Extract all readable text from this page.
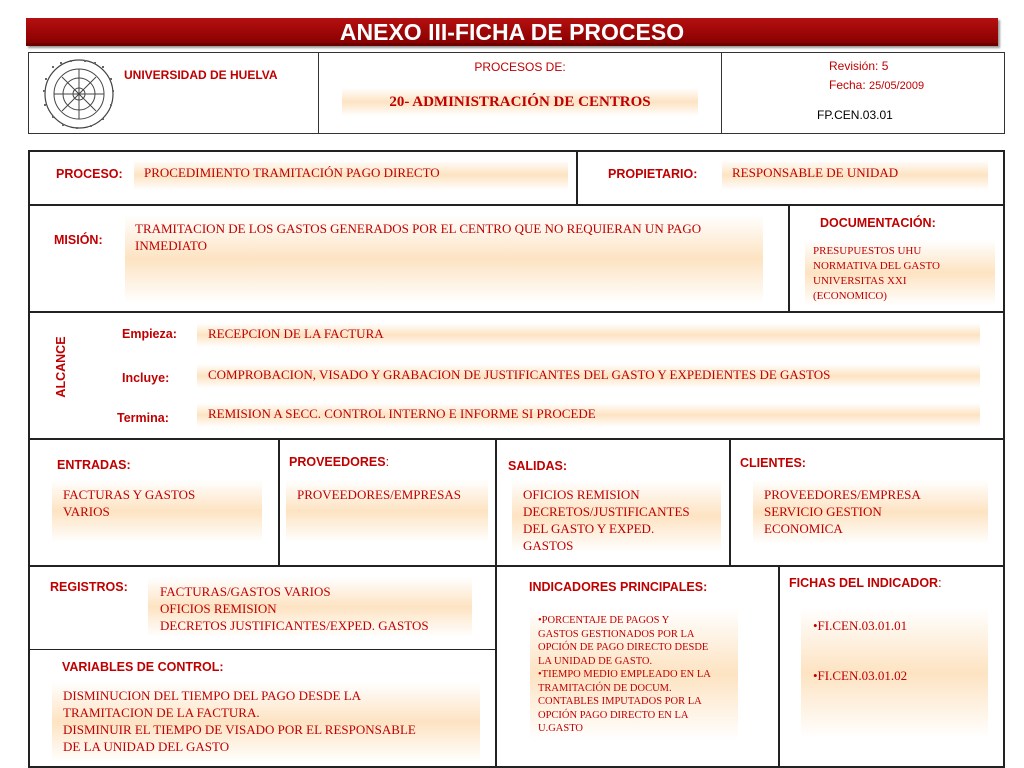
ANEXO III-FICHA DE PROCESO
UNIVERSIDAD DE HUELVA
PROCESOS DE:
20- ADMINISTRACIÓN DE CENTROS
Revisión: 5
Fecha: 25/05/2009
FP.CEN.03.01
PROCESO:	PROCEDIMIENTO TRAMITACIÓN PAGO DIRECTO	PROPIETARIO:	RESPONSABLE DE UNIDAD
MISIÓN:
TRAMITACION DE LOS GASTOS GENERADOS POR EL CENTRO QUE NO REQUIERAN UN PAGO INMEDIATO
DOCUMENTACIÓN:
PRESUPUESTOS UHU
NORMATIVA DEL GASTO
UNIVERSITAS XXI
(ECONOMICO)
ALCANCE
Empieza:	RECEPCION DE LA FACTURA
Incluye:	COMPROBACION, VISADO Y GRABACION DE JUSTIFICANTES DEL GASTO Y EXPEDIENTES DE GASTOS
Termina:	REMISION A SECC. CONTROL INTERNO E INFORME SI PROCEDE
ENTRADAS:
FACTURAS Y GASTOS
VARIOS
PROVEEDORES:
PROVEEDORES/EMPRESAS
SALIDAS:
OFICIOS REMISION
DECRETOS/JUSTIFICANTES
DEL GASTO Y EXPED.
GASTOS
CLIENTES:
PROVEEDORES/EMPRESA
SERVICIO GESTION
ECONOMICA
REGISTROS: FACTURAS/GASTOS VARIOS
OFICIOS REMISION
DECRETOS JUSTIFICANTES/EXPED. GASTOS
VARIABLES DE CONTROL:
DISMINUCION DEL TIEMPO DEL PAGO DESDE LA
TRAMITACION DE LA FACTURA.
DISMINUIR EL TIEMPO DE VISADO POR EL RESPONSABLE
DE LA UNIDAD DEL GASTO
INDICADORES PRINCIPALES:
•PORCENTAJE DE PAGOS Y
GASTOS GESTIONADOS POR LA
OPCIÓN DE PAGO DIRECTO DESDE
LA UNIDAD DE GASTO.
•TIEMPO MEDIO EMPLEADO EN LA
TRAMITACIÓN DE DOCUM.
CONTABLES IMPUTADOS POR LA
OPCIÓN PAGO DIRECTO EN LA
U.GASTO
FICHAS DEL INDICADOR:
•FI.CEN.03.01.01
•FI.CEN.03.01.02
